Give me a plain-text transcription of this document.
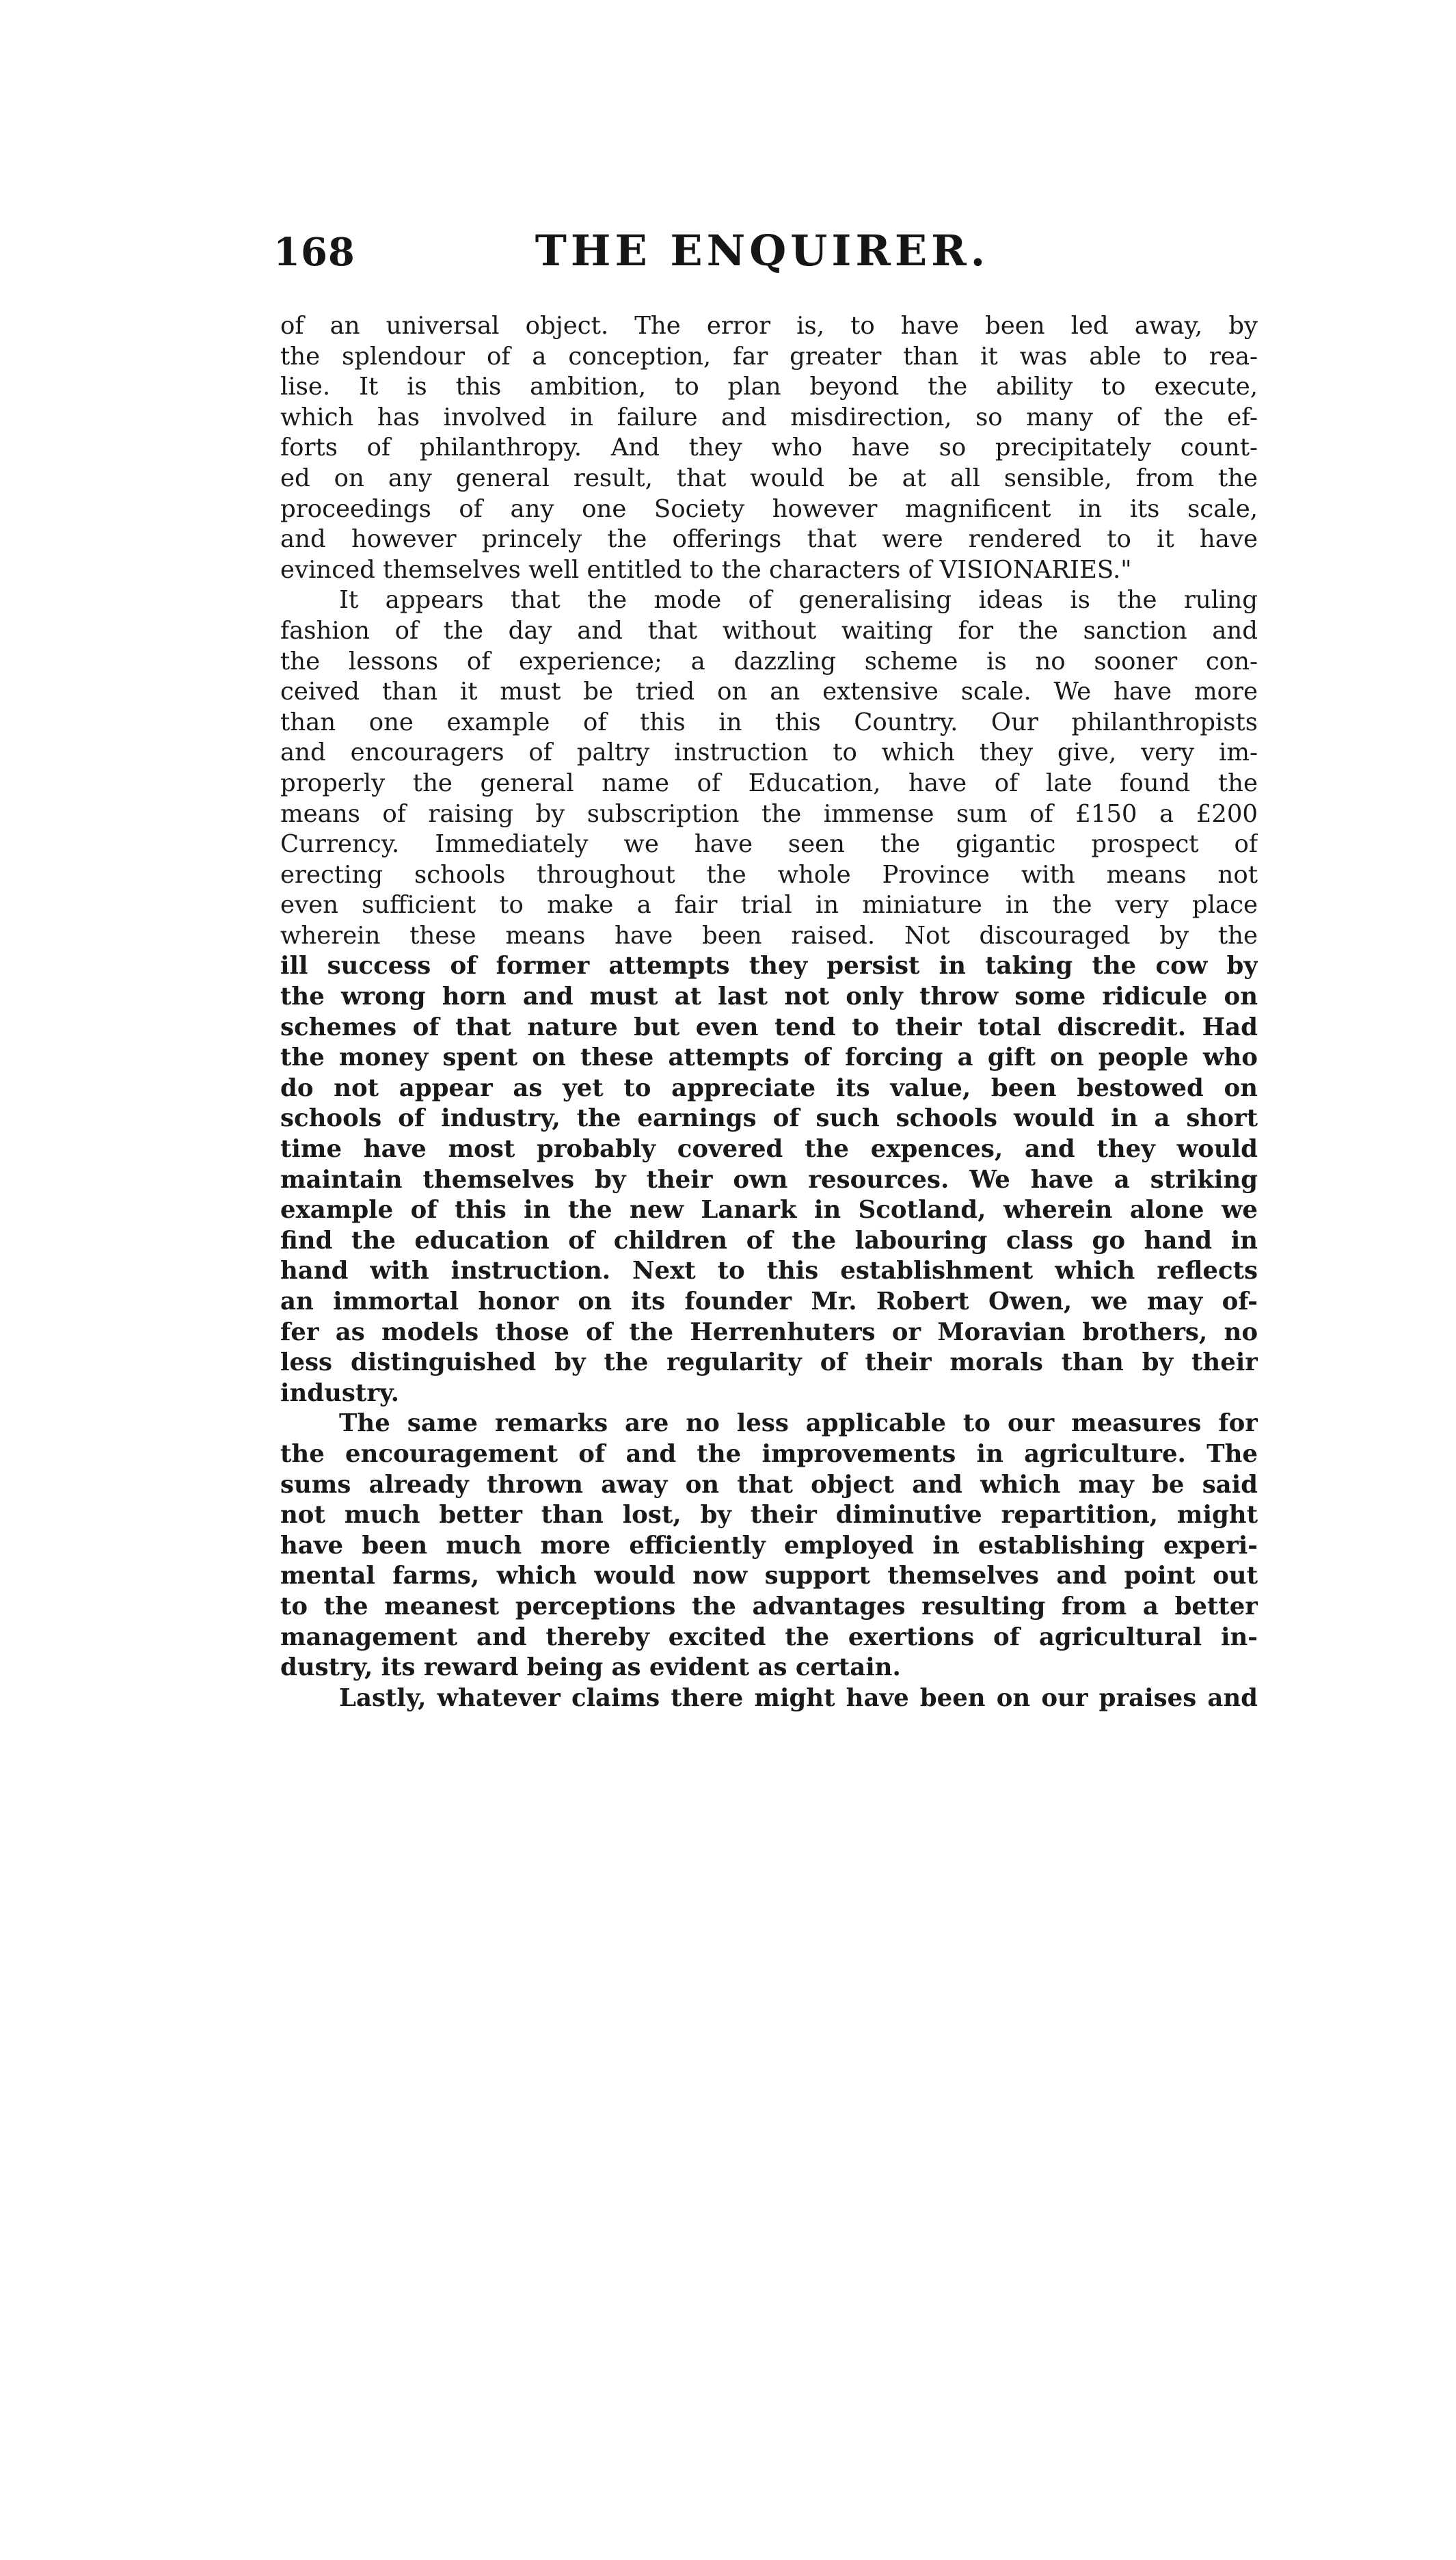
168	THE ENQUIRER.
of an universal object. The error is, to have been led away, by
the splendour of a conception, far greater than it was able to rea-
lise. It is this ambition, to plan beyond the ability to execute,
which has involved in failure and misdirection, so many of the ef-
forts of philanthropy. And they who have so precipitately count-
ed on any general result, that would be at all sensible, from the
proceedings of any one Society however magnificent in its scale,
and however princely the offerings that were rendered to it have
evinced themselves well entitled to the characters of VISIONARIES."
It appears that the mode of generalising ideas is the ruling
fashion of the day and that without waiting for the sanction and
the lessons of experience; a dazzling scheme is no sooner con-
ceived than it must be tried on an extensive scale. We have more
than one example of this in this Country. Our philanthropists
and encouragers of paltry instruction to which they give, very im-
properly the general name of Education, have of late found the
means of raising by subscription the immense sum of £150 a £200
Currency. Immediately we have seen the gigantic prospect of
erecting schools throughout the whole Province with means not
even sufficient to make a fair trial in miniature in the very place
wherein these means have been raised. Not discouraged by the
ill success of former attempts they persist in taking the cow by
the wrong horn and must at last not only throw some ridicule on
schemes of that nature but even tend to their total discredit. Had
the money spent on these attempts of forcing a gift on people who
do not appear as yet to appreciate its value, been bestowed on
schools of industry, the earnings of such schools would in a short
time have most probably covered the expences, and they would
maintain themselves by their own resources. We have a striking
example of this in the new Lanark in Scotland, wherein alone we
find the education of children of the labouring class go hand in
hand with instruction. Next to this establishment which reflects
an immortal honor on its founder Mr. Robert Owen, we may of-
fer as models those of the Herrenhuters or Moravian brothers, no
less distinguished by the regularity of their morals than by their
industry.
The same remarks are no less applicable to our measures for
the encouragement of and the improvements in agriculture. The
sums already thrown away on that object and which may be said
not much better than lost, by their diminutive repartition, might
have been much more efficiently employed in establishing experi-
mental farms, which would now support themselves and point out
to the meanest perceptions the advantages resulting from a better
management and thereby excited the exertions of agricultural in-
dustry, its reward being as evident as certain.
Lastly, whatever claims there might have been on our praises and
